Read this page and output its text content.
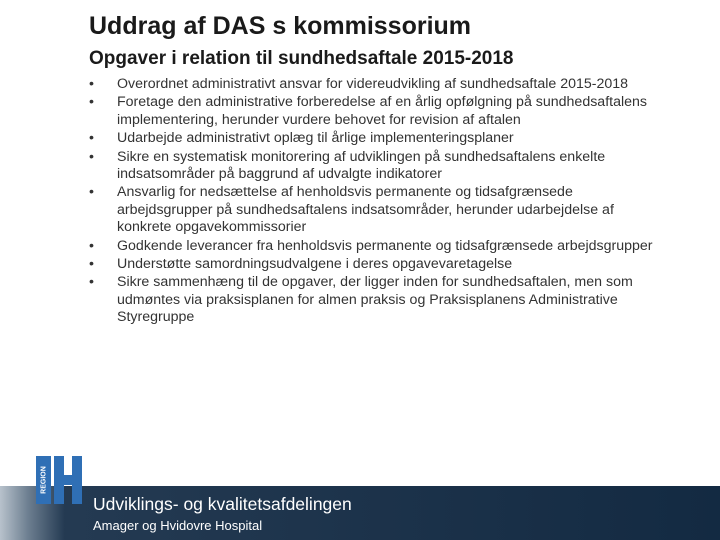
Uddrag af DAS s kommissorium
Opgaver i relation til sundhedsaftale 2015-2018
• Overordnet administrativt ansvar for videreudvikling af sundhedsaftale 2015-2018
• Foretage den administrative forberedelse af en årlig opfølgning på sundhedsaftalens implementering, herunder vurdere behovet for revision af aftalen
• Udarbejde administrativt oplæg til årlige implementeringsplaner
• Sikre en systematisk monitorering af udviklingen på sundhedsaftalens enkelte indsatsområder på baggrund af udvalgte indikatorer
• Ansvarlig for nedsættelse af henholdsvis permanente og tidsafgrænsede arbejdsgrupper på sundhedsaftalens indsatsområder, herunder udarbejdelse af konkrete opgavekommissorier
• Godkende leverancer fra henholdsvis permanente og tidsafgrænsede arbejdsgrupper
• Understøtte samordningsudvalgene i deres opgavevaretagelse
• Sikre sammenhæng til de opgaver, der ligger inden for sundhedsaftalen, men som udmøntes via praksisplanen for almen praksis og Praksisplanens Administrative Styregruppe
Udviklings- og kvalitetsafdelingen
Amager og Hvidovre Hospital
REGION
